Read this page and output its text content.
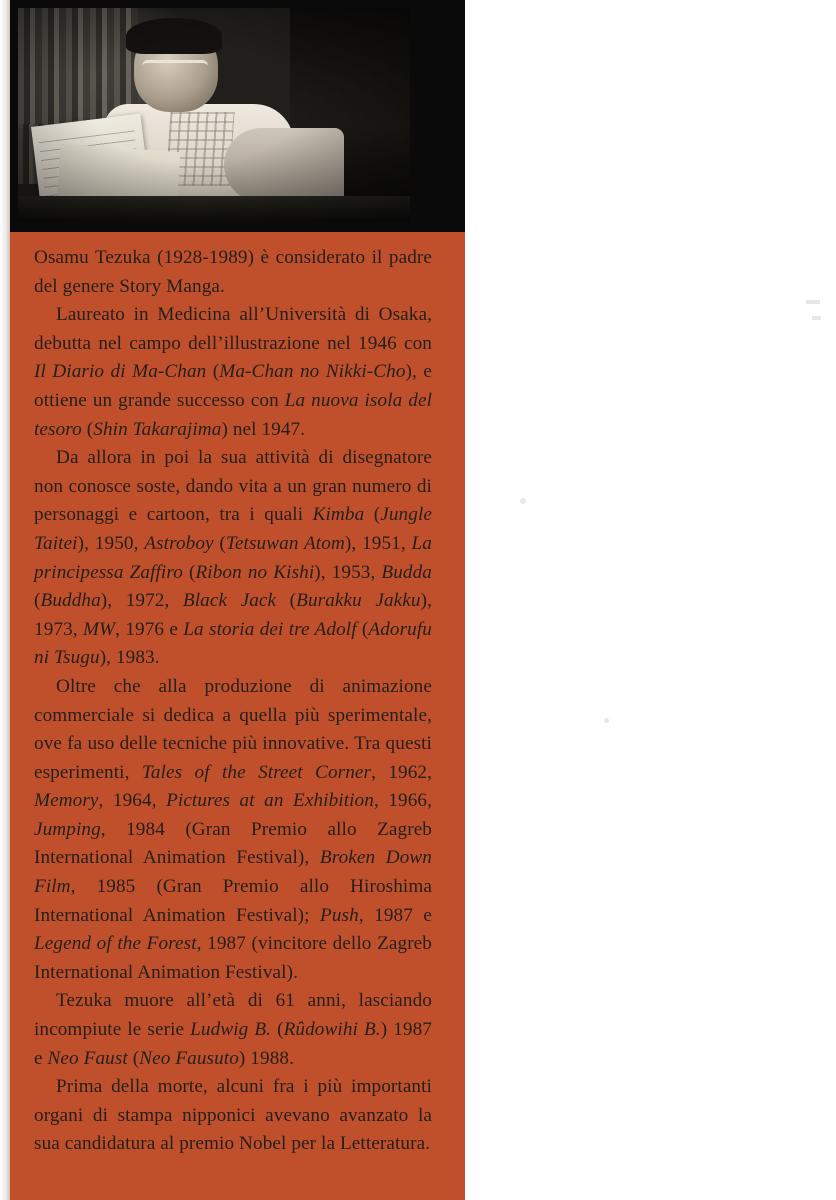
Osamu Tezuka (1928-1989) è considerato il padre del genere Story Manga.

Laureato in Medicina all’Università di Osaka, debutta nel campo dell’illustrazione nel 1946 con Il Diario di Ma-Chan (Ma-Chan no Nikki-Cho), e ottiene un grande successo con La nuova isola del tesoro (Shin Takarajima) nel 1947.

Da allora in poi la sua attività di disegnatore non conosce soste, dando vita a un gran numero di personaggi e cartoon, tra i quali Kimba (Jungle Taitei), 1950, Astroboy (Tetsuwan Atom), 1951, La principessa Zaffiro (Ribon no Kishi), 1953, Budda (Buddha), 1972, Black Jack (Burakku Jakku), 1973, MW, 1976 e La storia dei tre Adolf (Adorufu ni Tsugu), 1983.

Oltre che alla produzione di animazione commerciale si dedica a quella più sperimentale, ove fa uso delle tecniche più innovative. Tra questi esperimenti, Tales of the Street Corner, 1962, Memory, 1964, Pictures at an Exhibition, 1966, Jumping, 1984 (Gran Premio allo Zagreb International Animation Festival), Broken Down Film, 1985 (Gran Premio allo Hiroshima International Animation Festival); Push, 1987 e Legend of the Forest, 1987 (vincitore dello Zagreb International Animation Festival).

Tezuka muore all’età di 61 anni, lasciando incompiute le serie Ludwig B. (Rûdowihi B.) 1987 e Neo Faust (Neo Fausuto) 1988.

Prima della morte, alcuni fra i più importanti organi di stampa nipponici avevano avanzato la sua candidatura al premio Nobel per la Letteratura.
